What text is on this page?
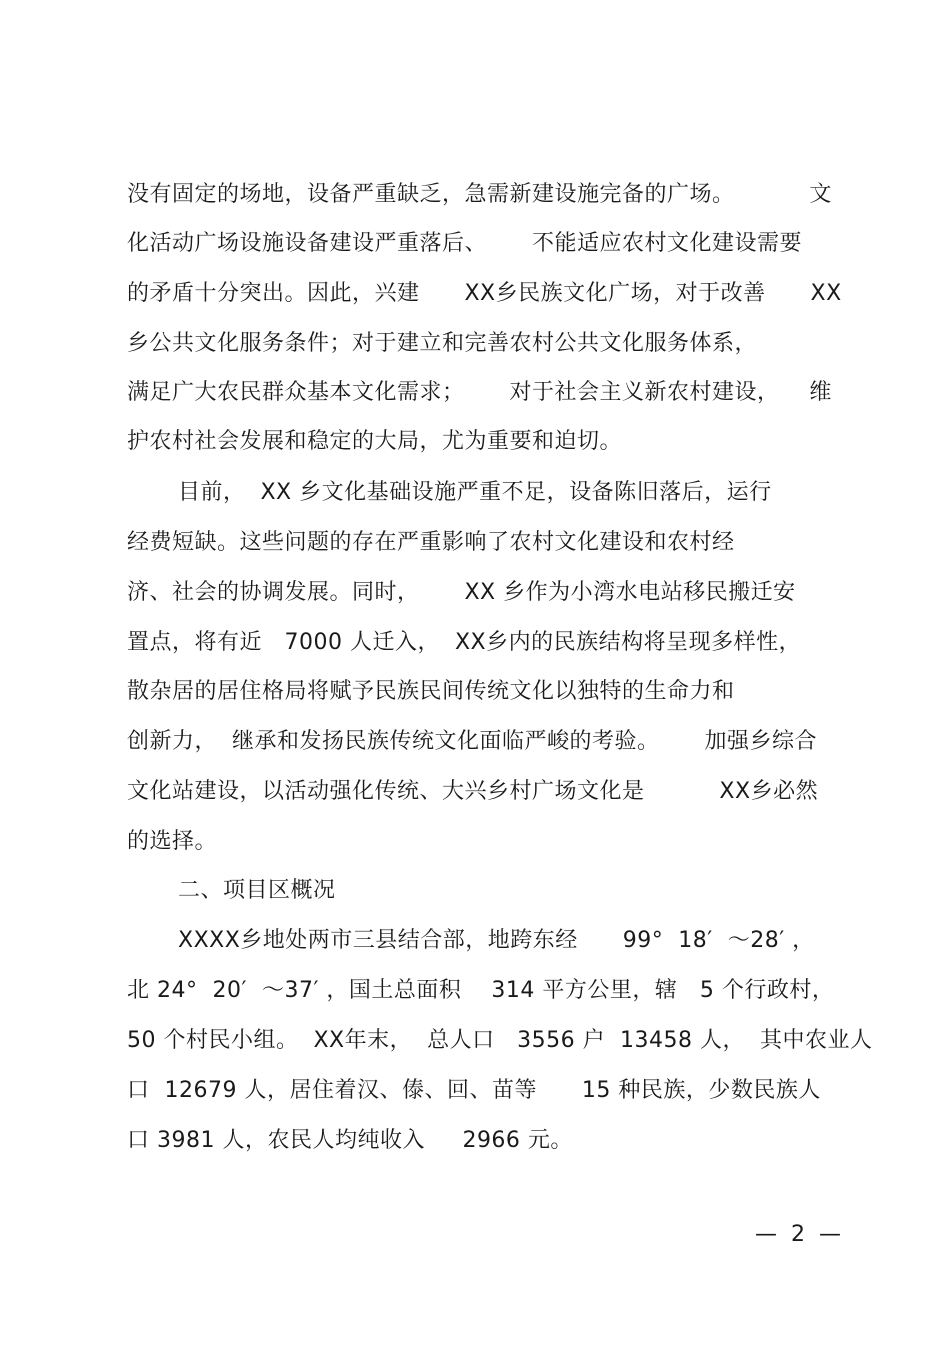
没有固定的场地，设备严重缺乏，急需新建设施完备的广场。          文
化活动广场设施设备建设严重落后、      不能适应农村文化建设需要
的矛盾十分突出。因此，兴建      XX乡民族文化广场，对于改善      XX
乡公共文化服务条件；对于建立和完善农村公共文化服务体系，
满足广大农民群众基本文化需求；      对于社会主义新农村建设，    维
护农村社会发展和稳定的大局，尤为重要和迫切。
目前，  XX 乡文化基础设施严重不足，设备陈旧落后，运行
经费短缺。这些问题的存在严重影响了农村文化建设和农村经
济、社会的协调发展。同时，      XX 乡作为小湾水电站移民搬迁安
置点，将有近   7000 人迁入，  XX乡内的民族结构将呈现多样性，
散杂居的居住格局将赋予民族民间传统文化以独特的生命力和
创新力，  继承和发扬民族传统文化面临严峻的考验。      加强乡综合
文化站建设，以活动强化传统、大兴乡村广场文化是          XX乡必然
的选择。
二、项目区概况
XXXX乡地处两市三县结合部，地跨东经      99°  18′  ～28′ ，
北 24°  20′  ～37′ ，国土总面积    314 平方公里，辖   5 个行政村，
50 个村民小组。  XX年末，  总人口   3556 户  13458 人，  其中农业人
口  12679 人，居住着汉、傣、回、苗等      15 种民族，少数民族人
口 3981 人，农民人均纯收入     2966 元。
—  2  —
